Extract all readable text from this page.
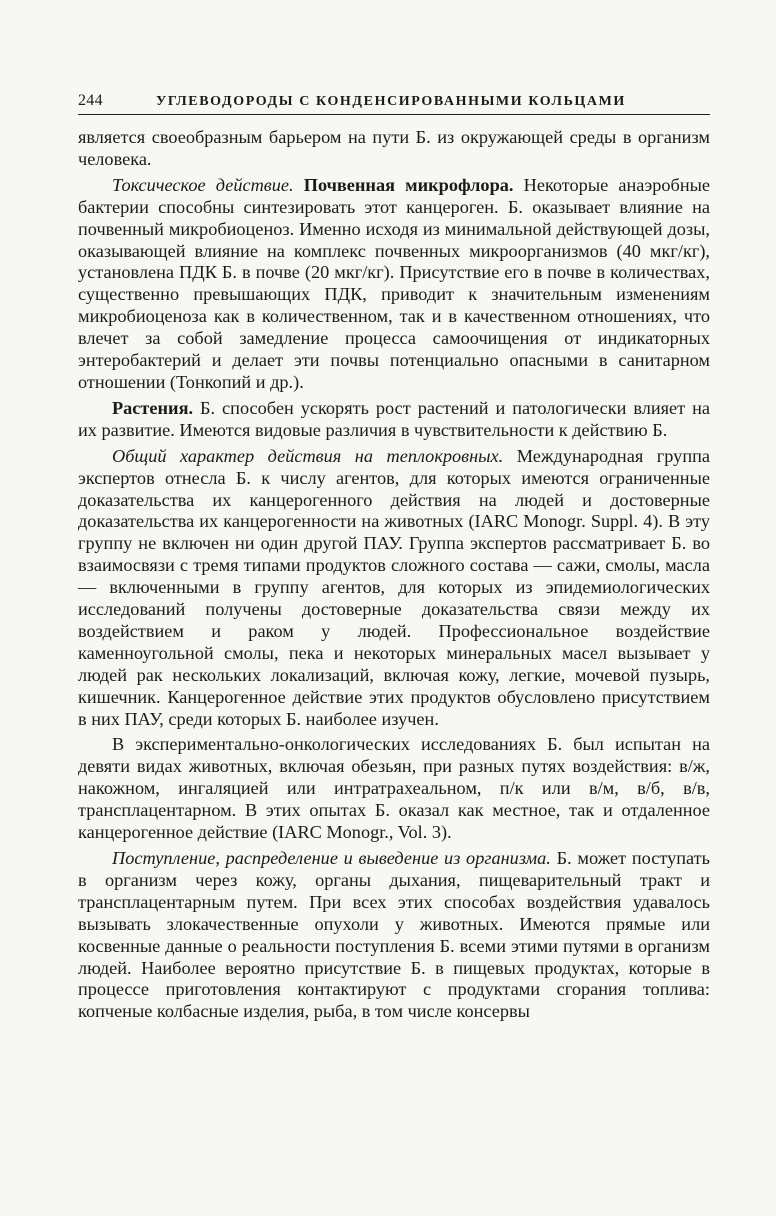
244	УГЛЕВОДОРОДЫ С КОНДЕНСИРОВАННЫМИ КОЛЬЦАМИ

является своеобразным барьером на пути Б. из окружающей среды в организм человека.

Токсическое действие. Почвенная микрофлора. Некоторые анаэробные бактерии способны синтезировать этот канцероген. Б. оказывает влияние на почвенный микробиоценоз. Именно исходя из минимальной действующей дозы, оказывающей влияние на комплекс почвенных микроорганизмов (40 мкг/кг), установлена ПДК Б. в почве (20 мкг/кг). Присутствие его в почве в количествах, существенно превышающих ПДК, приводит к значительным изменениям микробиоценоза как в количественном, так и в качественном отношениях, что влечет за собой замедление процесса самоочищения от индикаторных энтеробактерий и делает эти почвы потенциально опасными в санитарном отношении (Тонкопий и др.).

Растения. Б. способен ускорять рост растений и патологически влияет на их развитие. Имеются видовые различия в чувствительности к действию Б.

Общий характер действия на теплокровных. Международная группа экспертов отнесла Б. к числу агентов, для которых имеются ограниченные доказательства их канцерогенного действия на людей и достоверные доказательства их канцерогенности на животных (IARC Monogr. Suppl. 4). В эту группу не включен ни один другой ПАУ. Группа экспертов рассматривает Б. во взаимосвязи с тремя типами продуктов сложного состава — сажи, смолы, масла — включенными в группу агентов, для которых из эпидемиологических исследований получены достоверные доказательства связи между их воздействием и раком у людей. Профессиональное воздействие каменноугольной смолы, пека и некоторых минеральных масел вызывает у людей рак нескольких локализаций, включая кожу, легкие, мочевой пузырь, кишечник. Канцерогенное действие этих продуктов обусловлено присутствием в них ПАУ, среди которых Б. наиболее изучен.

В экспериментально-онкологических исследованиях Б. был испытан на девяти видах животных, включая обезьян, при разных путях воздействия: в/ж, накожном, ингаляцией или интратрахеальном, п/к или в/м, в/б, в/в, трансплацентарном. В этих опытах Б. оказал как местное, так и отдаленное канцерогенное действие (IARC Monogr., Vol. 3).

Поступление, распределение и выведение из организма. Б. может поступать в организм через кожу, органы дыхания, пищеварительный тракт и трансплацентарным путем. При всех этих способах воздействия удавалось вызывать злокачественные опухоли у животных. Имеются прямые или косвенные данные о реальности поступления Б. всеми этими путями в организм людей. Наиболее вероятно присутствие Б. в пищевых продуктах, которые в процессе приготовления контактируют с продуктами сгорания топлива: копченые колбасные изделия, рыба, в том числе консервы
